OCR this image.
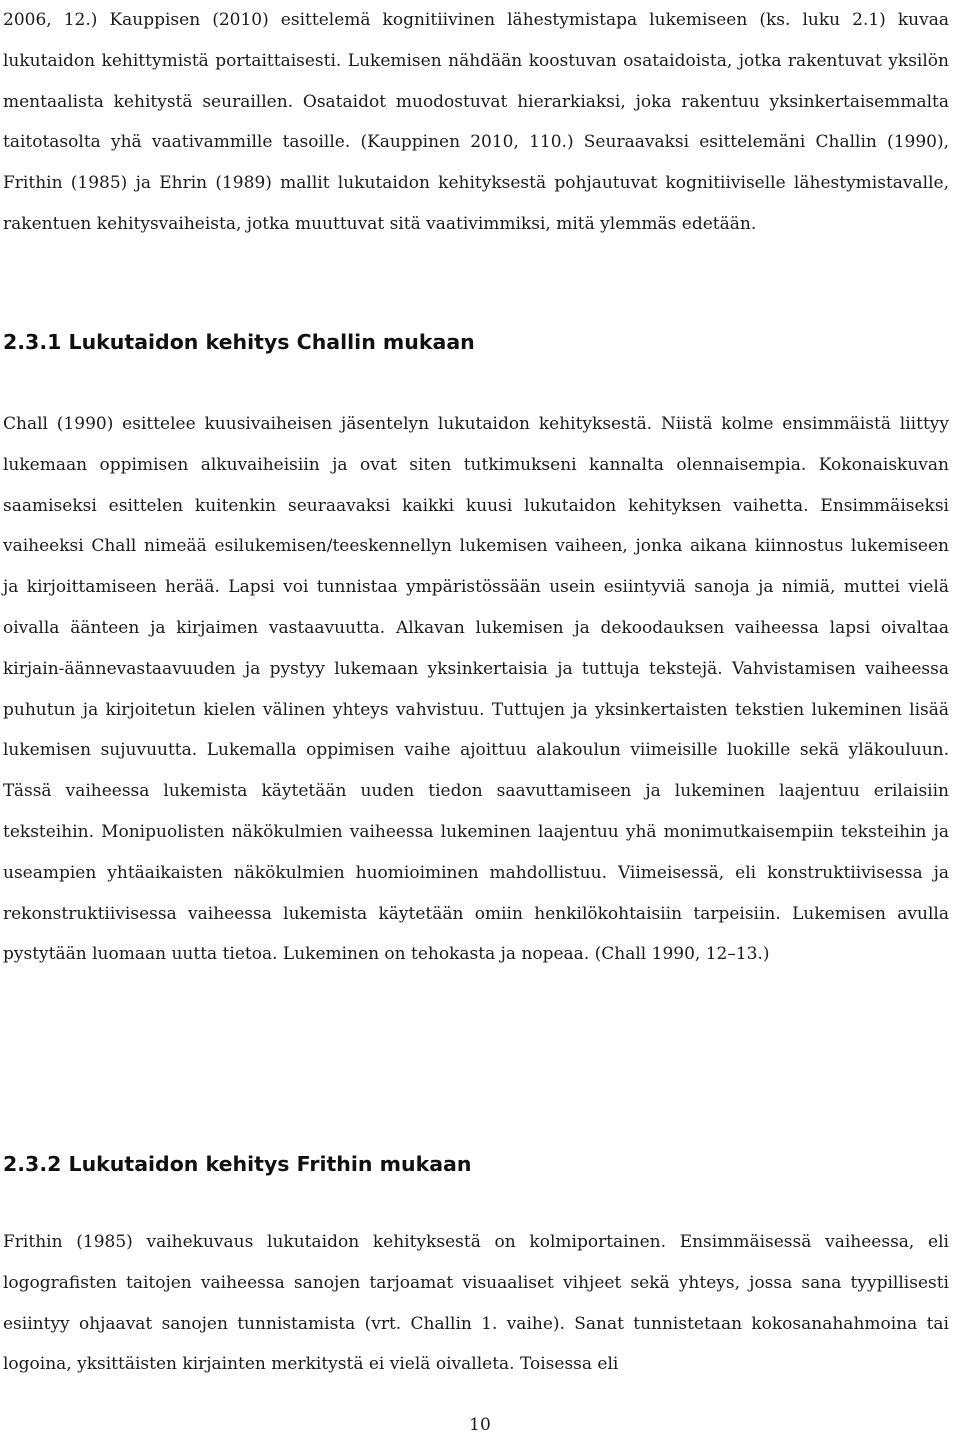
2006, 12.) Kauppisen (2010) esittelemä kognitiivinen lähestymistapa lukemiseen (ks. luku 2.1) kuvaa lukutaidon kehittymistä portaittaisesti. Lukemisen nähdään koostuvan osataidoista, jotka rakentuvat yksilön mentaalista kehitystä seuraillen. Osataidot muodostuvat hierarkiaksi, joka rakentuu yksinkertaisemmalta taitotasolta yhä vaativammille tasoille. (Kauppinen 2010, 110.) Seuraavaksi esittelemäni Challin (1990), Frithin (1985) ja Ehrin (1989) mallit lukutaidon kehityksestä pohjautuvat kognitiiviselle lähestymistavalle, rakentuen kehitysvaiheista, jotka muuttuvat sitä vaativimmiksi, mitä ylemmäs edetään.

2.3.1 Lukutaidon kehitys Challin mukaan

Chall (1990) esittelee kuusivaiheisen jäsentelyn lukutaidon kehityksestä. Niistä kolme ensimmäistä liittyy lukemaan oppimisen alkuvaiheisiin ja ovat siten tutkimukseni kannalta olennaisempia. Kokonaiskuvan saamiseksi esittelen kuitenkin seuraavaksi kaikki kuusi lukutaidon kehityksen vaihetta. Ensimmäiseksi vaiheeksi Chall nimeää esilukemisen/teeskennellyn lukemisen vaiheen, jonka aikana kiinnostus lukemiseen ja kirjoittamiseen herää. Lapsi voi tunnistaa ympäristössään usein esiintyviä sanoja ja nimiä, muttei vielä oivalla äänteen ja kirjaimen vastaavuutta. Alkavan lukemisen ja dekoodauksen vaiheessa lapsi oivaltaa kirjain-äännevastaavuuden ja pystyy lukemaan yksinkertaisia ja tuttuja tekstejä. Vahvistamisen vaiheessa puhutun ja kirjoitetun kielen välinen yhteys vahvistuu. Tuttujen ja yksinkertaisten tekstien lukeminen lisää lukemisen sujuvuutta. Lukemalla oppimisen vaihe ajoittuu alakoulun viimeisille luokille sekä yläkouluun. Tässä vaiheessa lukemista käytetään uuden tiedon saavuttamiseen ja lukeminen laajentuu erilaisiin teksteihin. Monipuolisten näkökulmien vaiheessa lukeminen laajentuu yhä monimutkaisempiin teksteihin ja useampien yhtäaikaisten näkökulmien huomioiminen mahdollistuu. Viimeisessä, eli konstruktiivisessa ja rekonstruktiivisessa vaiheessa lukemista käytetään omiin henkilökohtaisiin tarpeisiin. Lukemisen avulla pystytään luomaan uutta tietoa. Lukeminen on tehokasta ja nopeaa. (Chall 1990, 12–13.)

2.3.2 Lukutaidon kehitys Frithin mukaan

Frithin (1985) vaihekuvaus lukutaidon kehityksestä on kolmiportainen. Ensimmäisessä vaiheessa, eli logografisten taitojen vaiheessa sanojen tarjoamat visuaaliset vihjeet sekä yhteys, jossa sana tyypillisesti esiintyy ohjaavat sanojen tunnistamista (vrt. Challin 1. vaihe). Sanat tunnistetaan kokosanahahmoina tai logoina, yksittäisten kirjainten merkitystä ei vielä oivalleta. Toisessa eli

10
